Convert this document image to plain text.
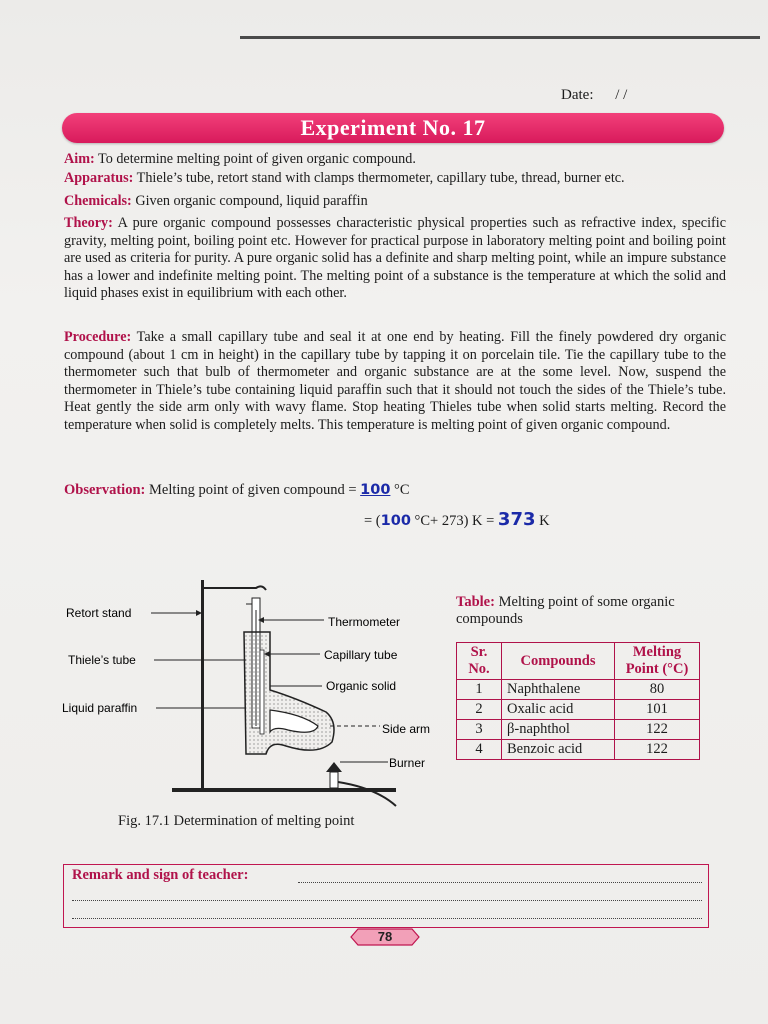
Date: / /
Experiment No. 17
Aim: To determine melting point of given organic compound.
Apparatus: Thiele’s tube, retort stand with clamps thermometer, capillary tube, thread, burner etc.
Chemicals: Given organic compound, liquid paraffin
Theory: A pure organic compound possesses characteristic physical properties such as refractive index, specific gravity, melting point, boiling point etc. However for practical purpose in laboratory melting point and boiling point are used as criteria for purity. A pure organic solid has a definite and sharp melting point, while an impure substance has a lower and indefinite melting point. The melting point of a substance is the temperature at which the solid and liquid phases exist in equilibrium with each other.
Procedure: Take a small capillary tube and seal it at one end by heating. Fill the finely powdered dry organic compound (about 1 cm in height) in the capillary tube by tapping it on porcelain tile. Tie the capillary tube to the thermometer such that bulb of thermometer and organic substance are at the some level. Now, suspend the thermometer in Thiele’s tube containing liquid paraffin such that it should not touch the sides of the Thiele’s tube. Heat gently the side arm only with wavy flame. Stop heating Thieles tube when solid starts melting. Record the temperature when solid is completely melts. This temperature is melting point of given organic compound.
Observation: Melting point of given compound = 100 °C
= (100 °C+ 273) K = 373 K
Retort stand
Thiele’s tube
Liquid paraffin
Thermometer
Capillary tube
Organic solid
Side arm
Burner
Fig. 17.1 Determination of melting point
Table: Melting point of some organic compounds
Sr. No.	Compounds	Melting Point (°C)
1	Naphthalene	80
2	Oxalic acid	101
3	β-naphthol	122
4	Benzoic acid	122
Remark and sign of teacher:
78
